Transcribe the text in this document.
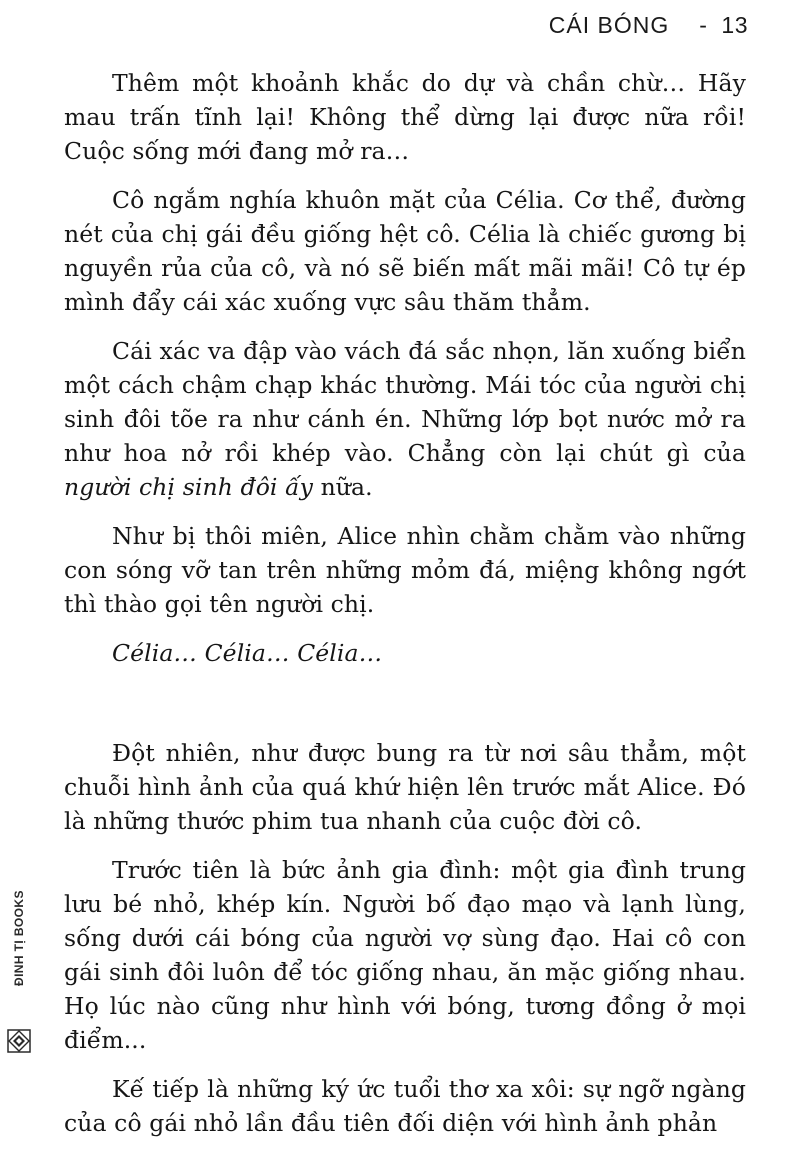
CÁI BÓNG - 13

Thêm một khoảnh khắc do dự và chần chừ… Hãy mau trấn tĩnh lại! Không thể dừng lại được nữa rồi! Cuộc sống mới đang mở ra…

Cô ngắm nghía khuôn mặt của Célia. Cơ thể, đường nét của chị gái đều giống hệt cô. Célia là chiếc gương bị nguyền rủa của cô, và nó sẽ biến mất mãi mãi! Cô tự ép mình đẩy cái xác xuống vực sâu thăm thẳm.

Cái xác va đập vào vách đá sắc nhọn, lăn xuống biển một cách chậm chạp khác thường. Mái tóc của người chị sinh đôi tõe ra như cánh én. Những lớp bọt nước mở ra như hoa nở rồi khép vào. Chẳng còn lại chút gì của người chị sinh đôi ấy nữa.

Như bị thôi miên, Alice nhìn chằm chằm vào những con sóng vỡ tan trên những mỏm đá, miệng không ngớt thì thào gọi tên người chị.

Célia… Célia… Célia…

Đột nhiên, như được bung ra từ nơi sâu thẳm, một chuỗi hình ảnh của quá khứ hiện lên trước mắt Alice. Đó là những thước phim tua nhanh của cuộc đời cô.

Trước tiên là bức ảnh gia đình: một gia đình trung lưu bé nhỏ, khép kín. Người bố đạo mạo và lạnh lùng, sống dưới cái bóng của người vợ sùng đạo. Hai cô con gái sinh đôi luôn để tóc giống nhau, ăn mặc giống nhau. Họ lúc nào cũng như hình với bóng, tương đồng ở mọi điểm...

Kế tiếp là những ký ức tuổi thơ xa xôi: sự ngỡ ngàng của cô gái nhỏ lần đầu tiên đối diện với hình ảnh phản

ĐINH TỊ BOOKS
